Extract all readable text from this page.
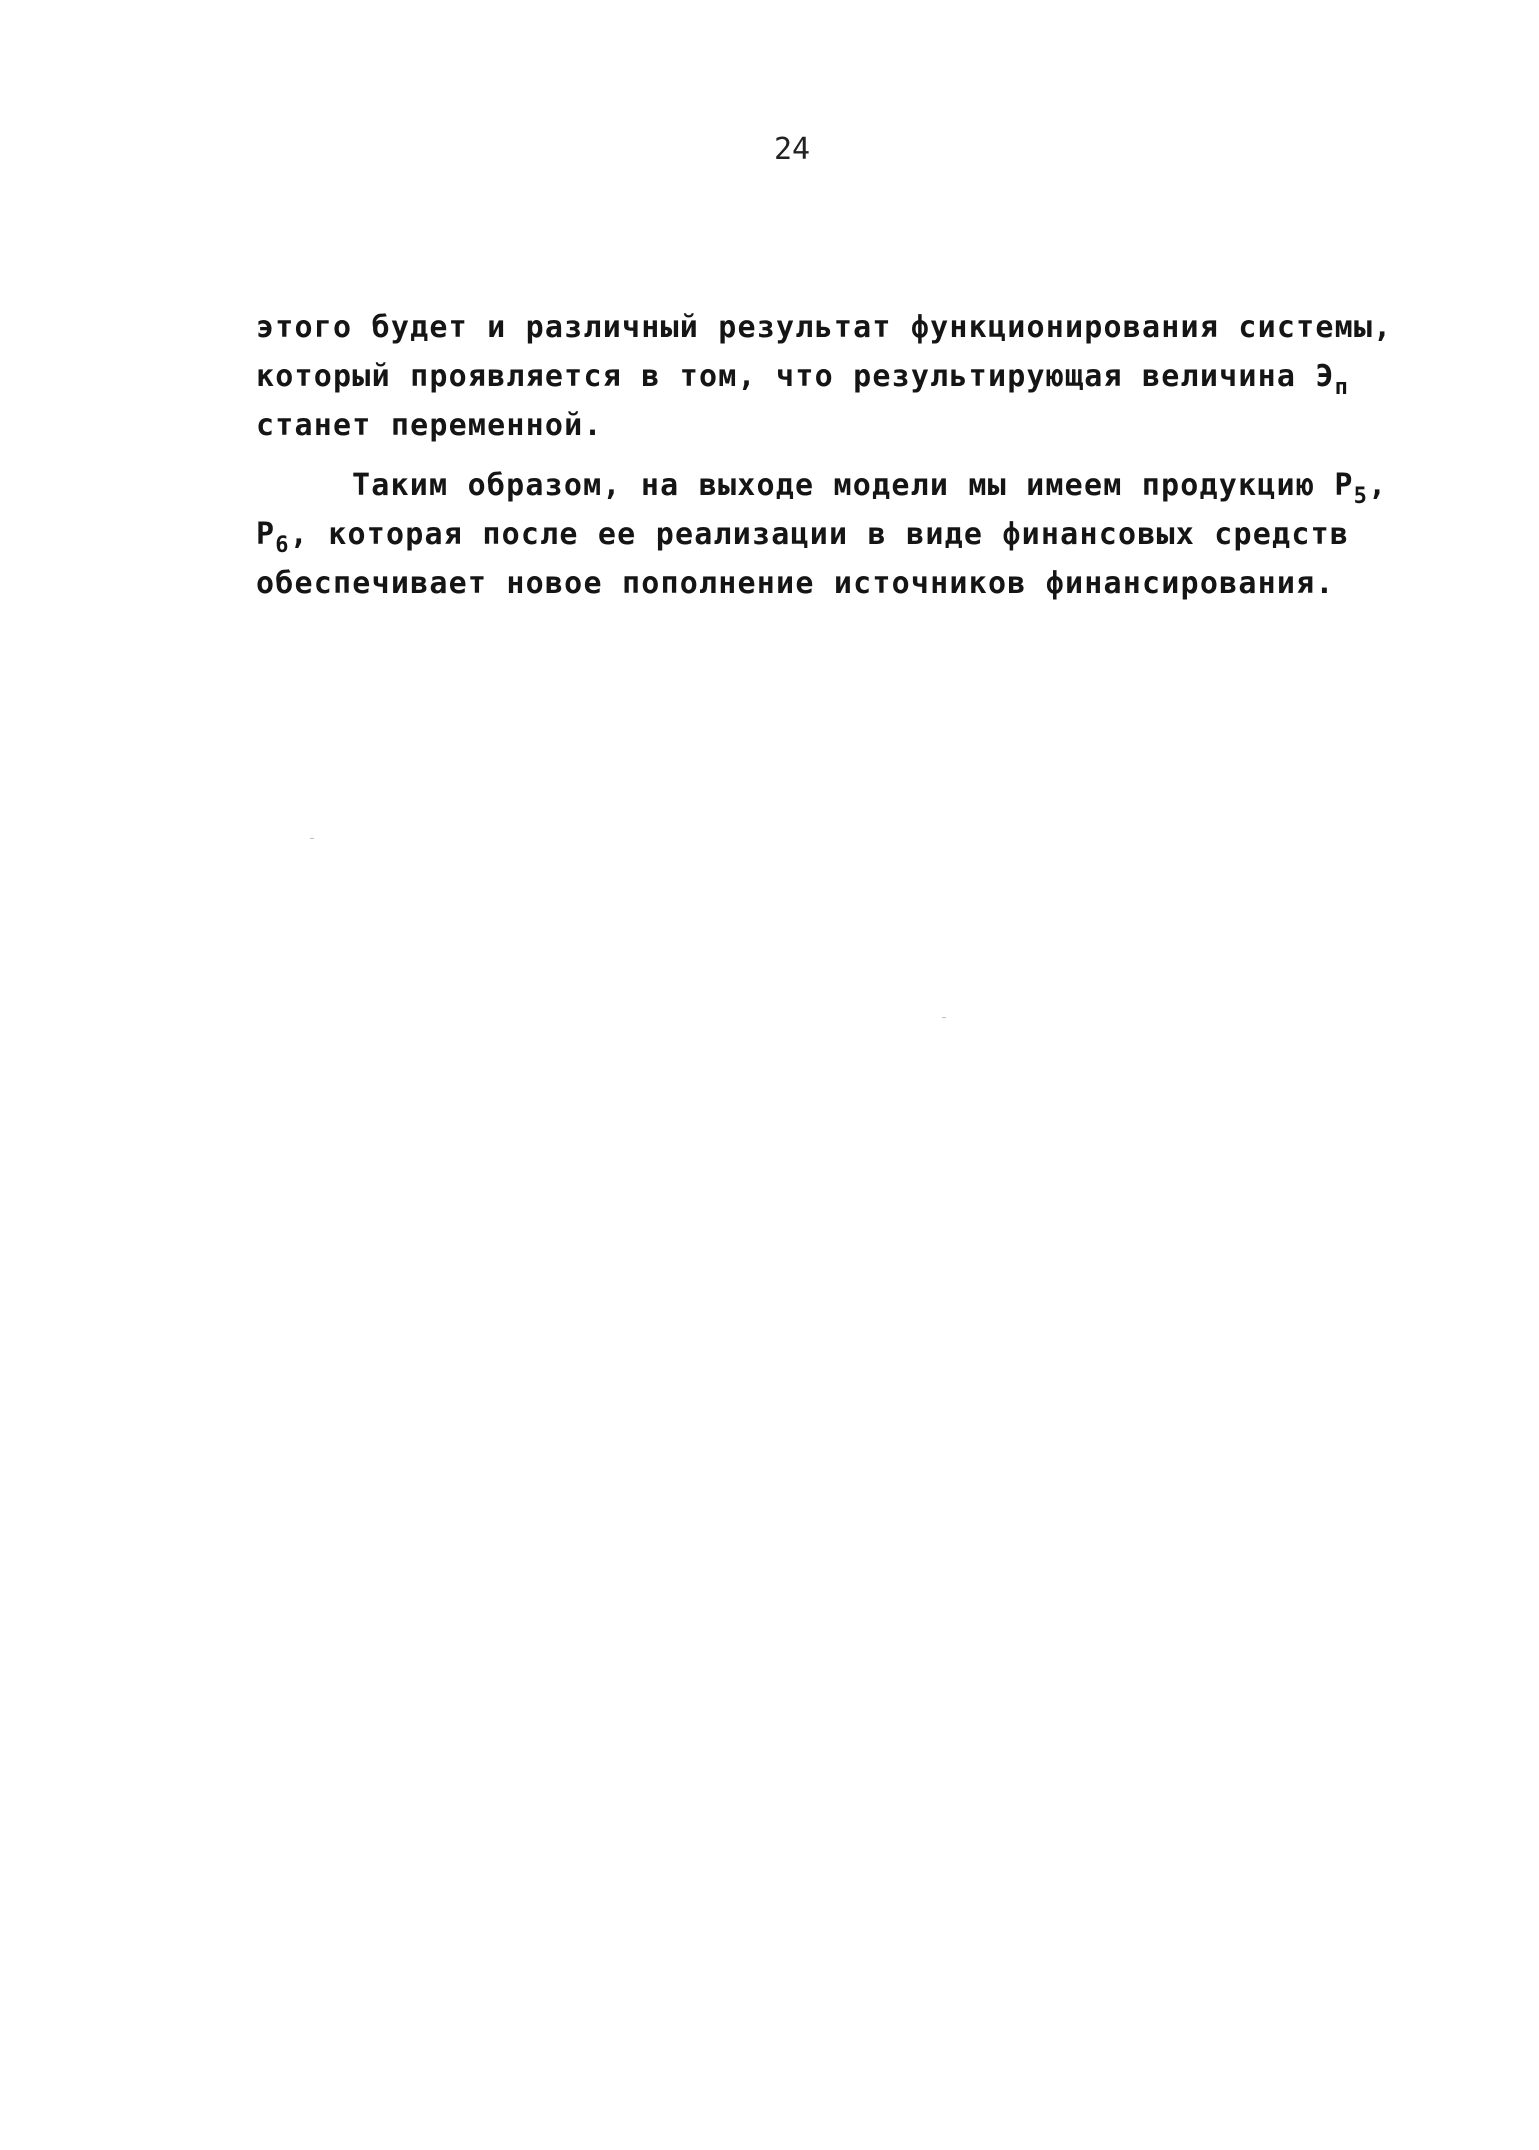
24
этого будет и различный результат функционирования системы,
который проявляется в том, что результирующая величина $Э_п$
станет переменной.
Таким образом, на выходе модели мы имеем продукцию $P_5$,
$P_6$, которая после ее реализации в виде финансовых средств
обеспечивает новое пополнение источников финансирования.
